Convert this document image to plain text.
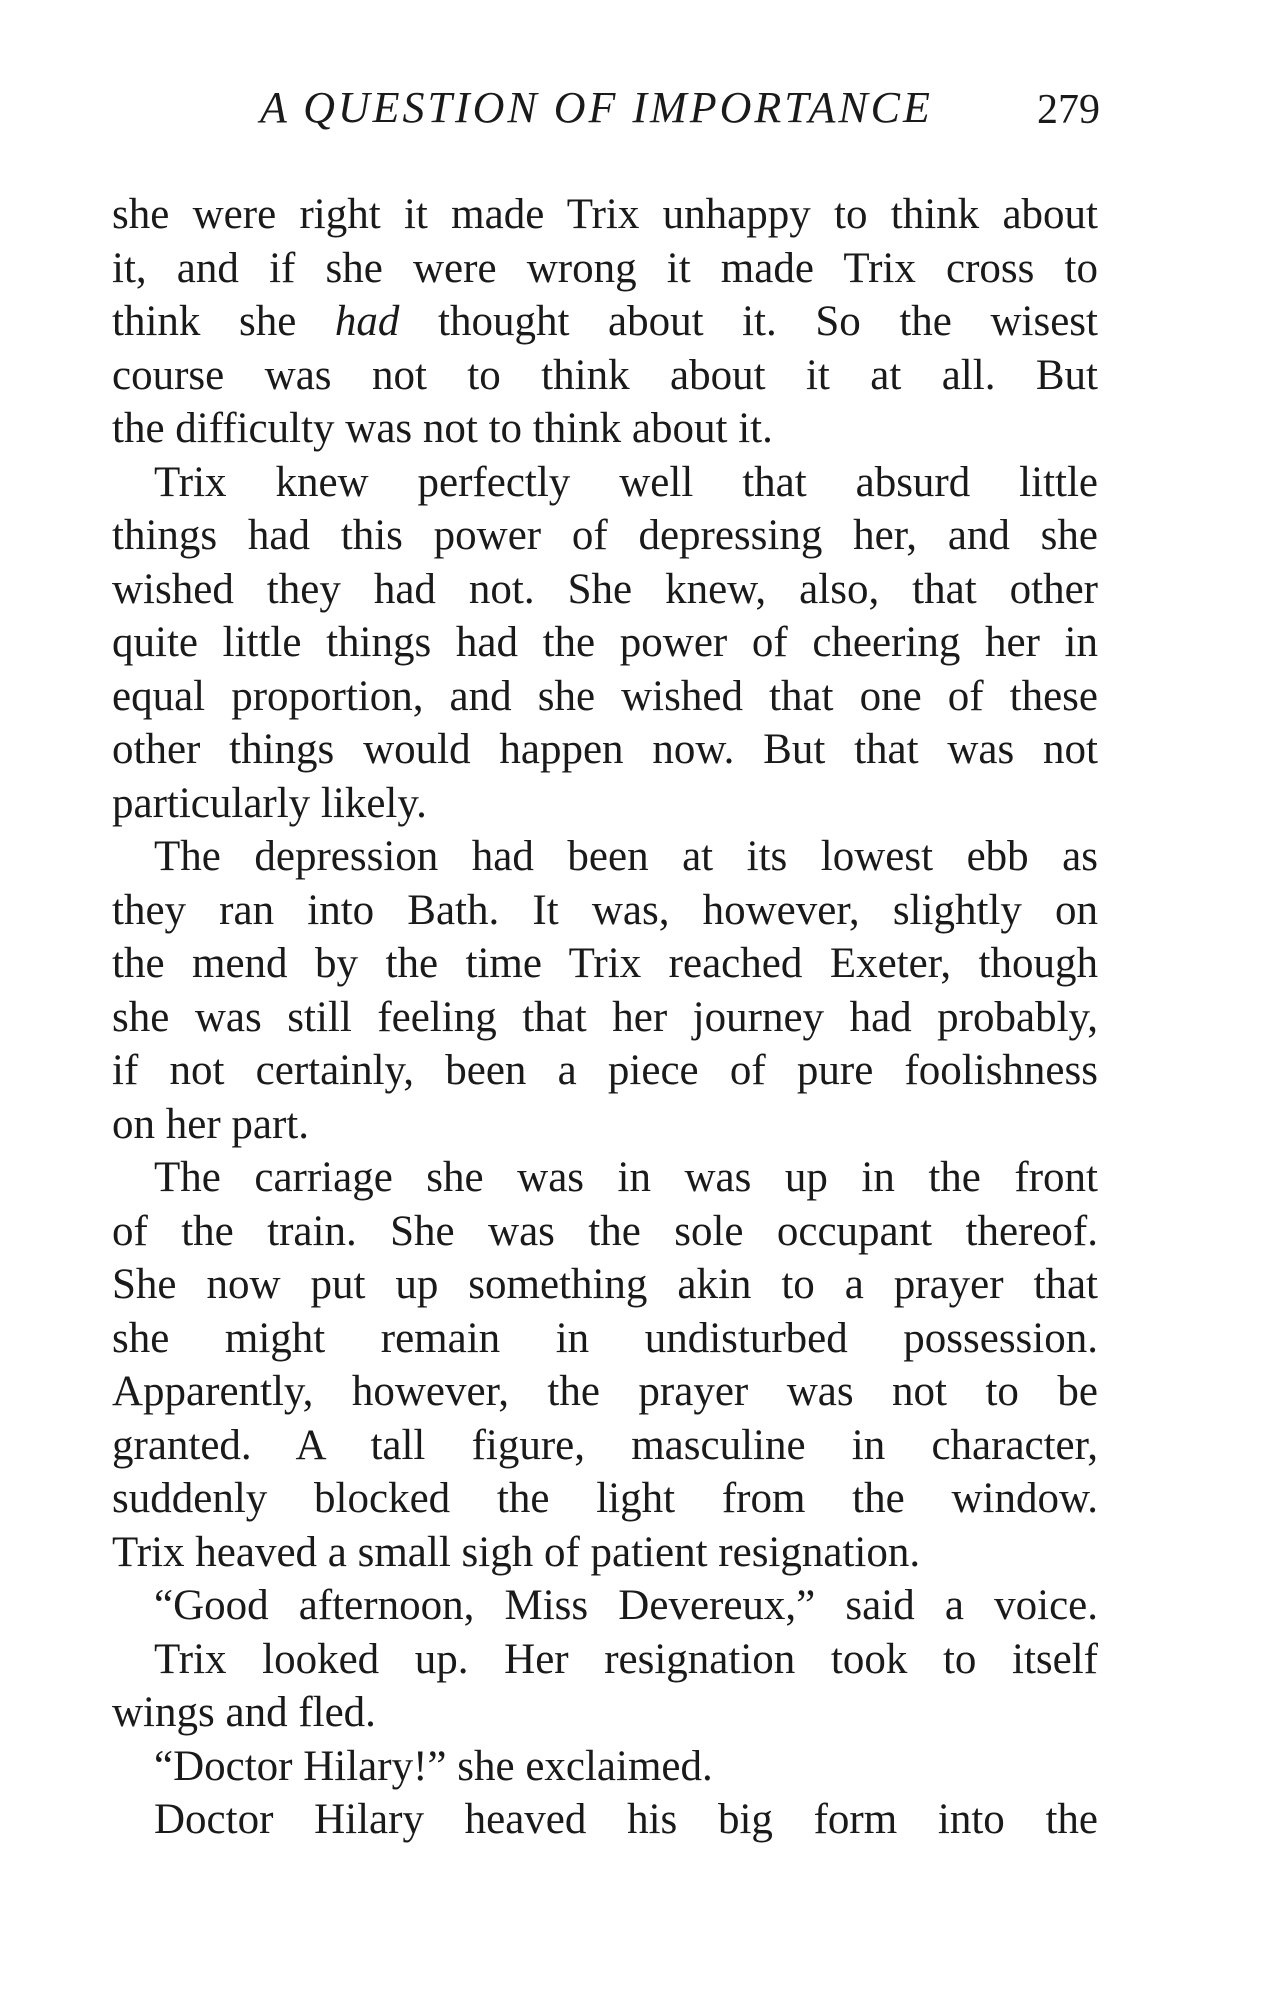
A QUESTION OF IMPORTANCE 279
she were right it made Trix unhappy to think about
it, and if she were wrong it made Trix cross to
think she had thought about it. So the wisest
course was not to think about it at all. But
the difficulty was not to think about it.
Trix knew perfectly well that absurd little
things had this power of depressing her, and she
wished they had not. She knew, also, that other
quite little things had the power of cheering her in
equal proportion, and she wished that one of these
other things would happen now. But that was not
particularly likely.
The depression had been at its lowest ebb as
they ran into Bath. It was, however, slightly on
the mend by the time Trix reached Exeter, though
she was still feeling that her journey had probably,
if not certainly, been a piece of pure foolishness
on her part.
The carriage she was in was up in the front
of the train. She was the sole occupant thereof.
She now put up something akin to a prayer that
she might remain in undisturbed possession.
Apparently, however, the prayer was not to be
granted. A tall figure, masculine in character,
suddenly blocked the light from the window.
Trix heaved a small sigh of patient resignation.
“Good afternoon, Miss Devereux,” said a voice.
Trix looked up. Her resignation took to itself
wings and fled.
“Doctor Hilary!” she exclaimed.
Doctor Hilary heaved his big form into the
